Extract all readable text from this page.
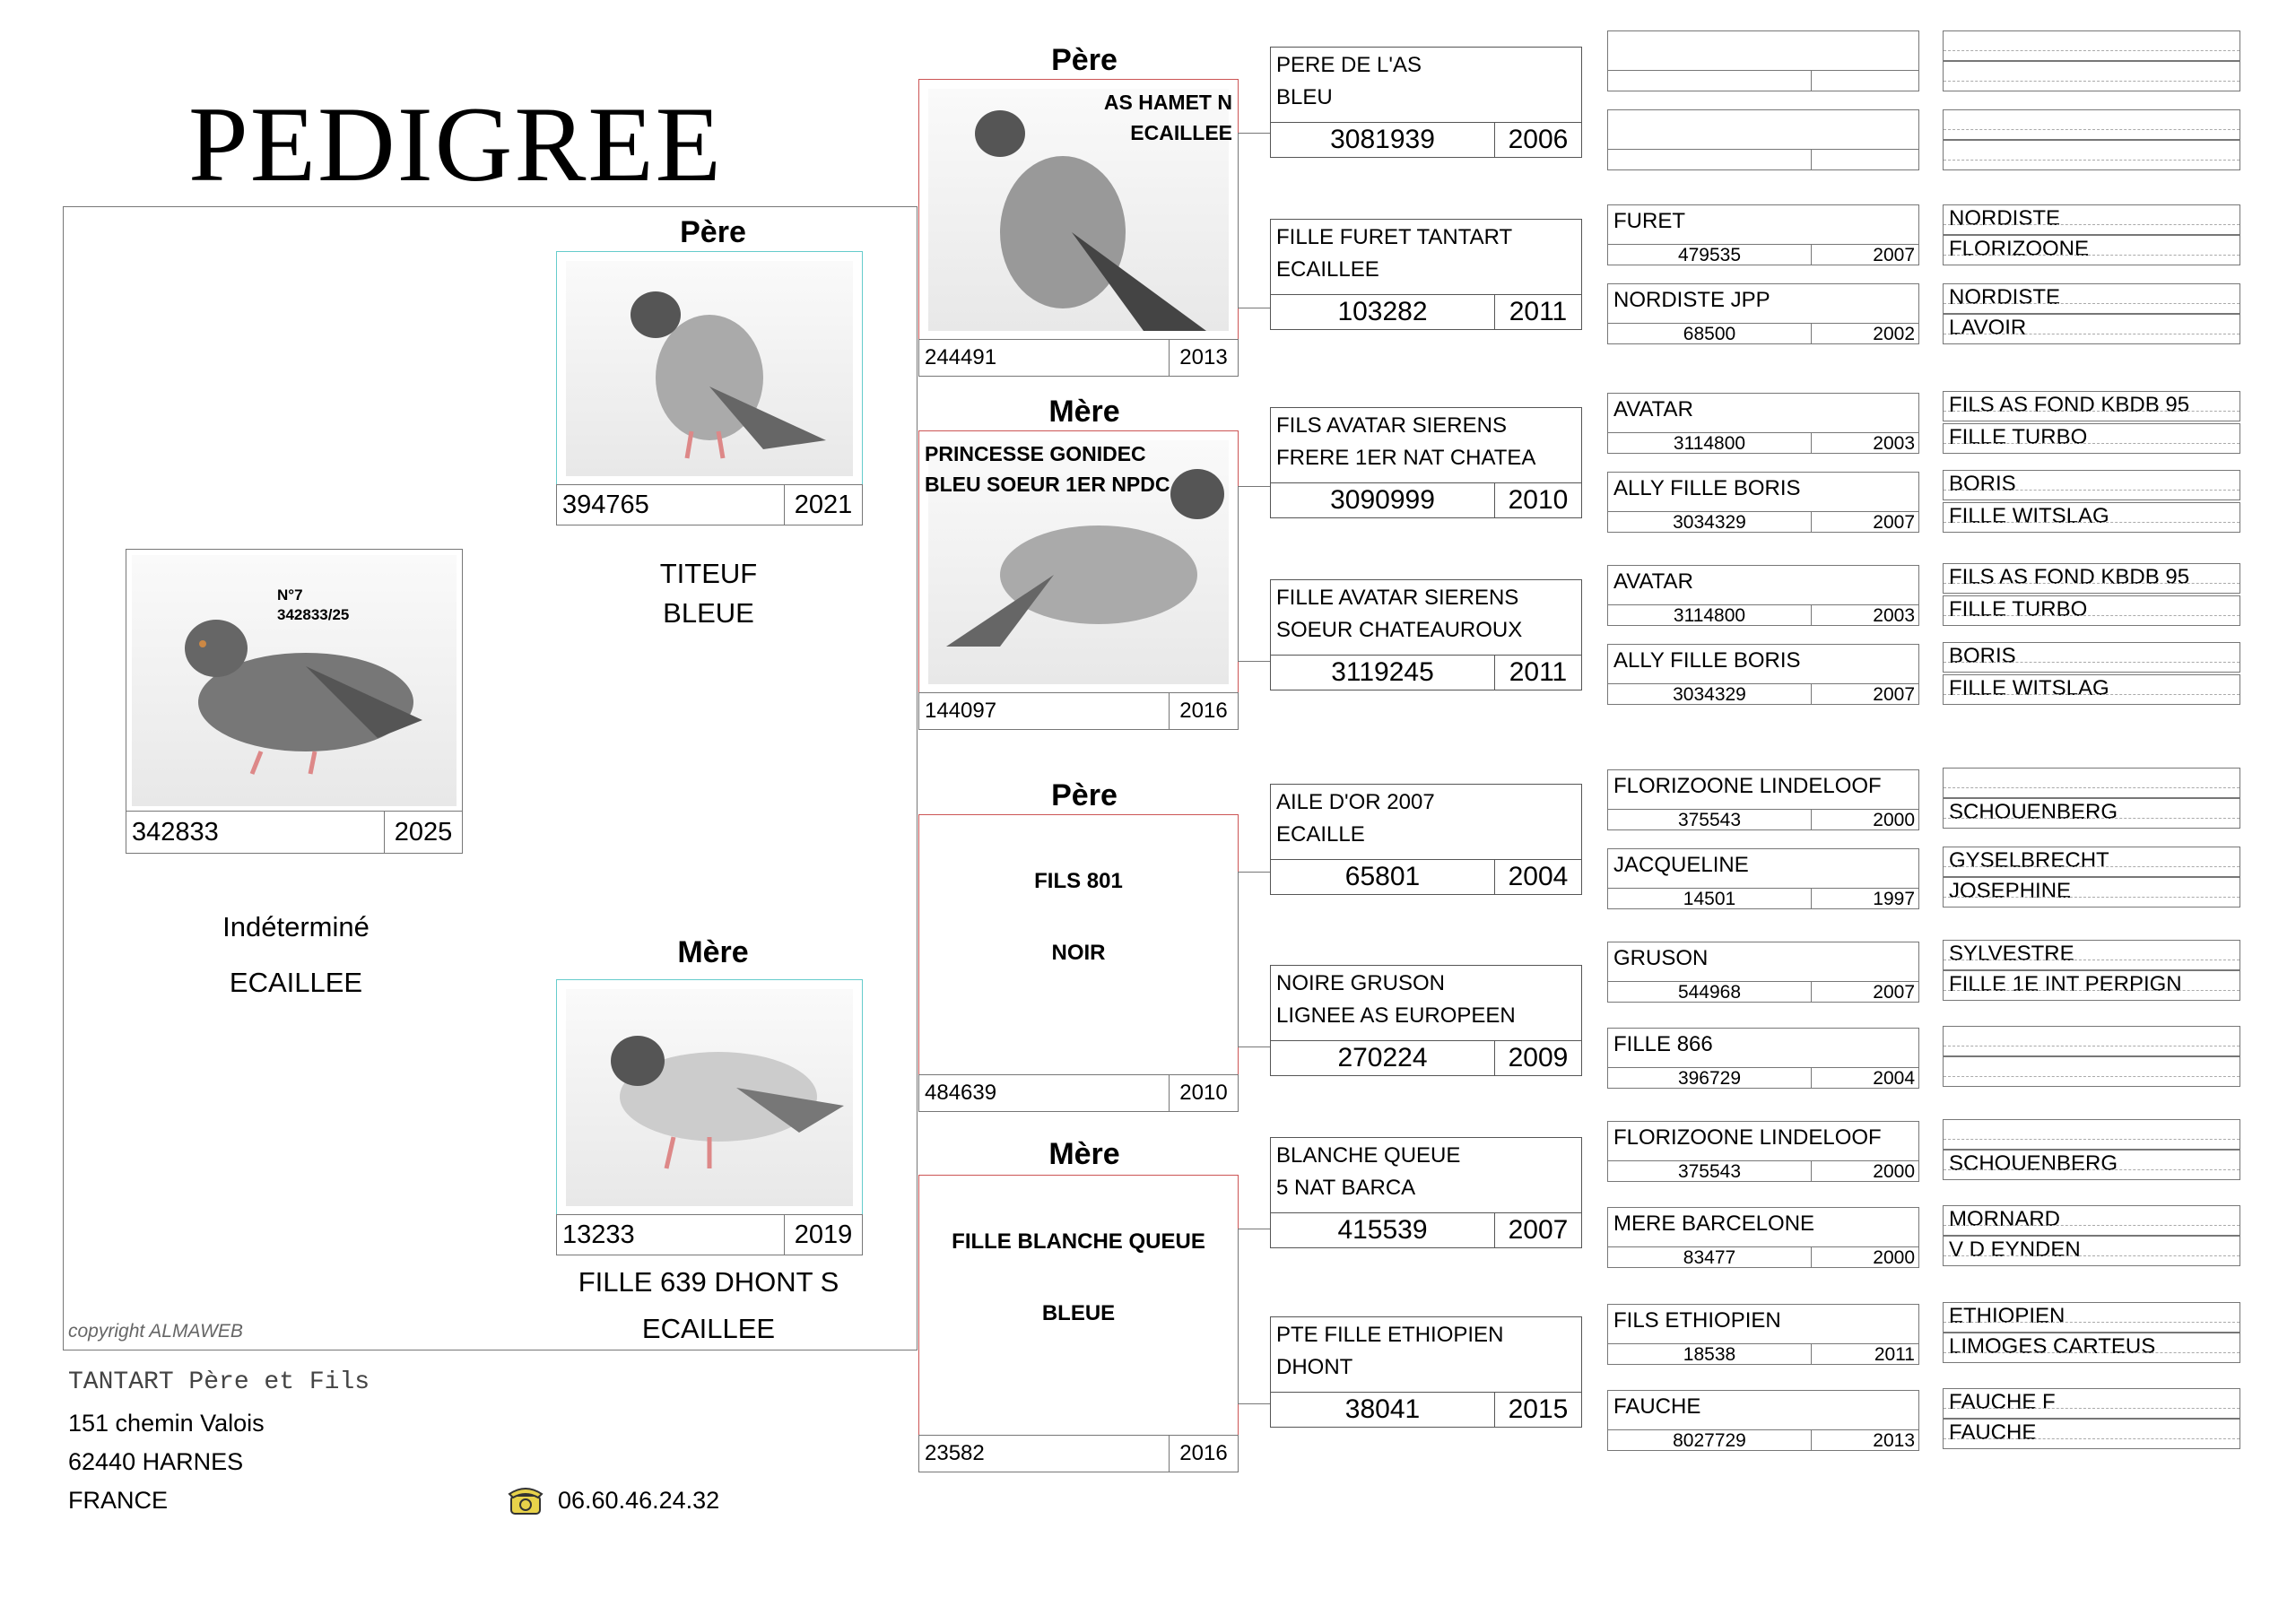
PEDIGREE
N°7
342833/25
342833	2025
Indéterminé
ECAILLEE
Père
394765	2021
TITEUF
BLEUE
Mère
13233	2019
FILLE 639 DHONT S
ECAILLEE
copyright ALMAWEB
Père
AS HAMET N
ECAILLEE
244491	2013
Mère
PRINCESSE GONIDEC
BLEU SOEUR 1ER NPDC
144097	2016
Père
FILS 801
NOIR
484639	2010
Mère
FILLE BLANCHE QUEUE
BLEUE
23582	2016
PERE DE L'AS
BLEU
3081939	2006
FILLE FURET TANTART
ECAILLEE
103282	2011
FILS AVATAR SIERENS
FRERE 1ER NAT CHATEA
3090999	2010
FILLE AVATAR SIERENS
SOEUR CHATEAUROUX
3119245	2011
AILE D'OR 2007
ECAILLE
65801	2004
NOIRE GRUSON
LIGNEE AS EUROPEEN
270224	2009
BLANCHE QUEUE
5 NAT BARCA
415539	2007
PTE FILLE ETHIOPIEN
DHONT
38041	2015
FURET
479535	2007
NORDISTE JPP
68500	2002
AVATAR
3114800	2003
ALLY FILLE BORIS
3034329	2007
AVATAR
3114800	2003
ALLY FILLE BORIS
3034329	2007
FLORIZOONE LINDELOOF
375543	2000
JACQUELINE
14501	1997
GRUSON
544968	2007
FILLE 866
396729	2004
FLORIZOONE LINDELOOF
375543	2000
MERE BARCELONE
83477	2000
FILS ETHIOPIEN
18538	2011
FAUCHE
8027729	2013
NORDISTE
FLORIZOONE
NORDISTE
LAVOIR
FILS AS FOND KBDB 95
FILLE TURBO
BORIS
FILLE WITSLAG
FILS AS FOND KBDB 95
FILLE TURBO
BORIS
FILLE WITSLAG
SCHOUENBERG
GYSELBRECHT
JOSEPHINE
SYLVESTRE
FILLE 1E INT PERPIGN
SCHOUENBERG
MORNARD
V D EYNDEN
ETHIOPIEN
LIMOGES CARTEUS
FAUCHE F
FAUCHE
TANTART Père et Fils
151 chemin Valois
62440 HARNES
FRANCE	06.60.46.24.32
